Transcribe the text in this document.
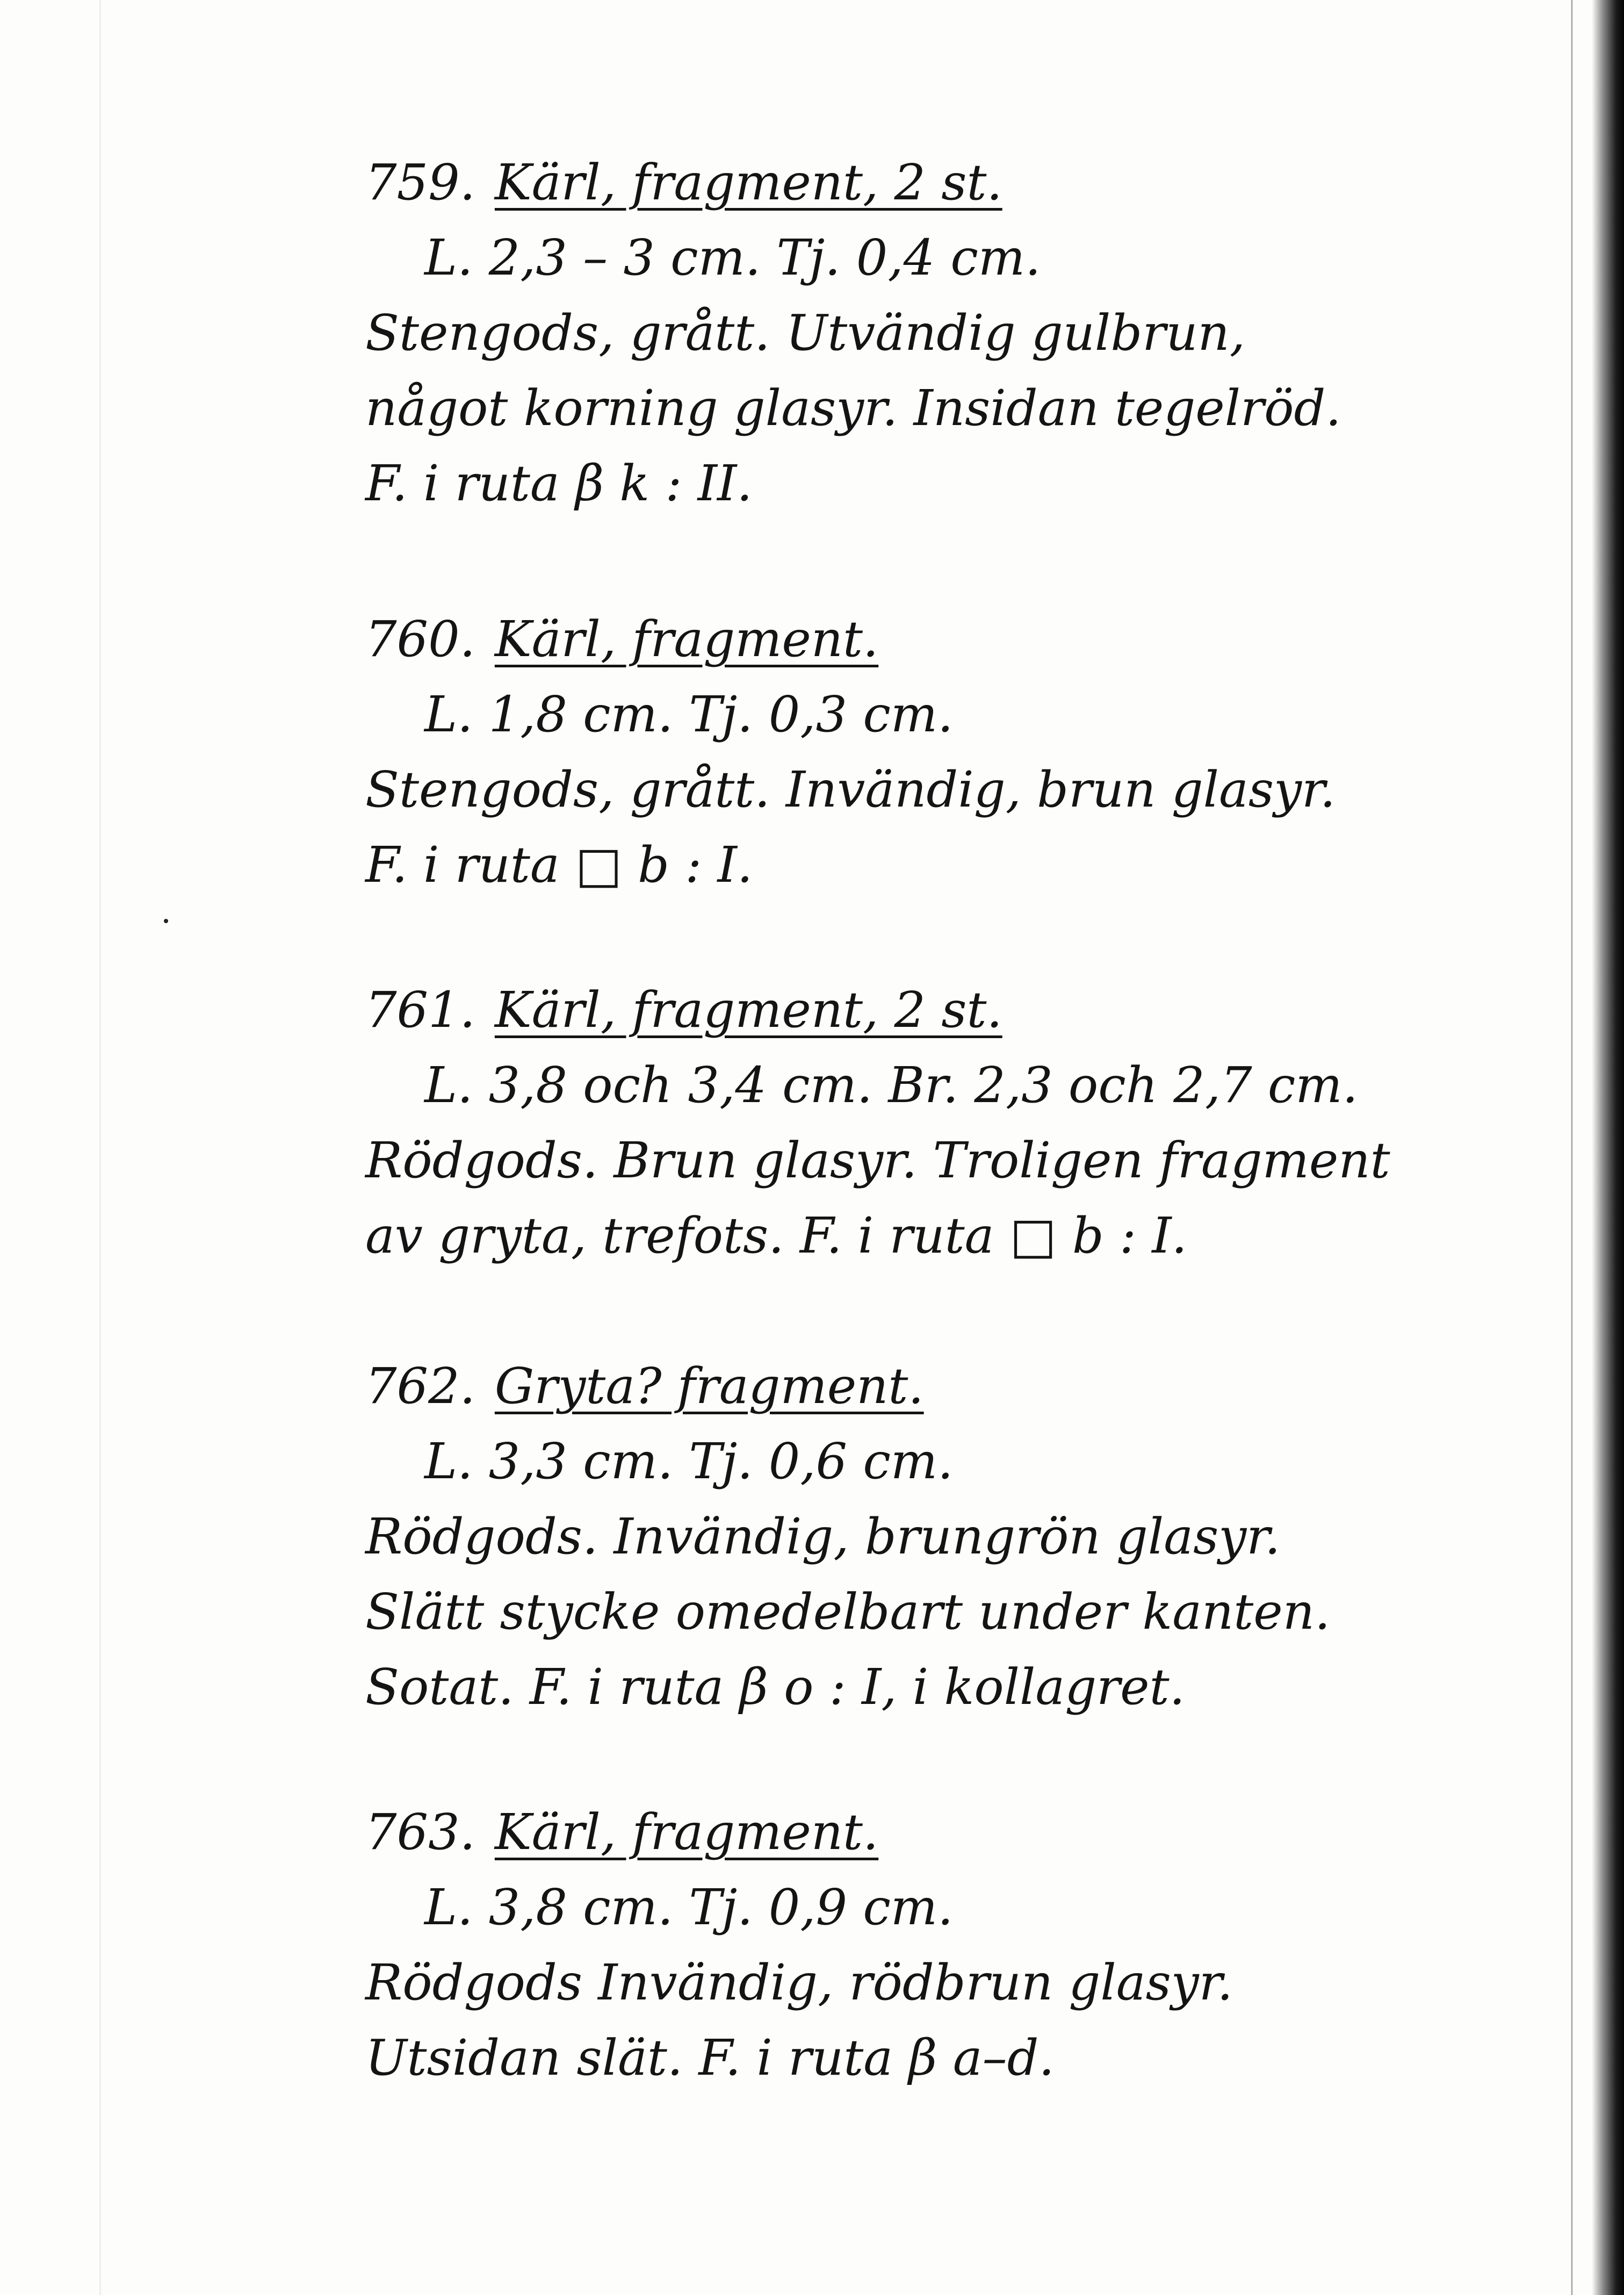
759. Kärl, fragment, 2 st.
L. 2,3 – 3 cm. Tj. 0,4 cm.
Stengods, grått. Utvändig gulbrun,
något korning glasyr. Insidan tegelröd.
F. i ruta β k : II.
760. Kärl, fragment.
L. 1,8 cm. Tj. 0,3 cm.
Stengods, grått. Invändig, brun glasyr.
F. i ruta □ b : I.
761. Kärl, fragment, 2 st.
L. 3,8 och 3,4 cm. Br. 2,3 och 2,7 cm.
Rödgods. Brun glasyr. Troligen fragment
av gryta, trefots. F. i ruta □ b : I.
762. Gryta? fragment.
L. 3,3 cm. Tj. 0,6 cm.
Rödgods. Invändig, brungrön glasyr.
Slätt stycke omedelbart under kanten.
Sotat. F. i ruta β o : I, i kollagret.
763. Kärl, fragment.
L. 3,8 cm. Tj. 0,9 cm.
Rödgods Invändig, rödbrun glasyr.
Utsidan slät. F. i ruta β a–d.
